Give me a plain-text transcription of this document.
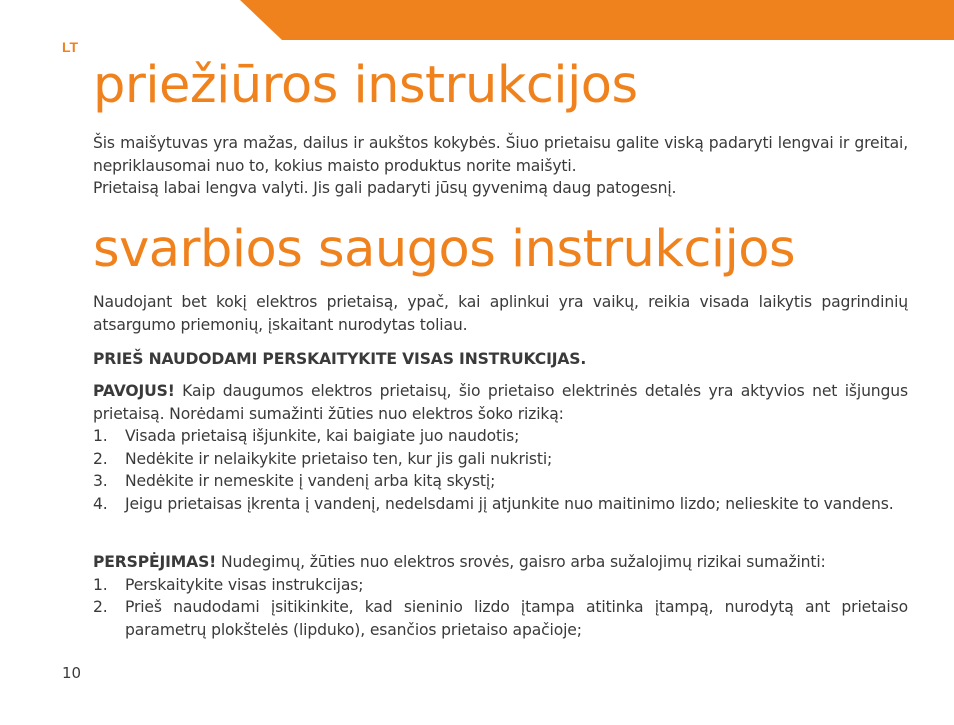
LT
priežiūros instrukcijos

Šis maišytuvas yra mažas, dailus ir aukštos kokybės. Šiuo prietaisu galite viską padaryti lengvai ir greitai, nepriklausomai nuo to, kokius maisto produktus norite maišyti.

Prietaisą labai lengva valyti. Jis gali padaryti jūsų gyvenimą daug patogesnį.

svarbios saugos instrukcijos

Naudojant bet kokį elektros prietaisą, ypač, kai aplinkui yra vaikų, reikia visada laikytis pagrindinių atsargumo priemonių, įskaitant nurodytas toliau.

PRIEŠ NAUDODAMI PERSKAITYKITE VISAS INSTRUKCIJAS.

PAVOJUS! Kaip daugumos elektros prietaisų, šio prietaiso elektrinės detalės yra aktyvios net išjungus prietaisą. Norėdami sumažinti žūties nuo elektros šoko riziką:

1. Visada prietaisą išjunkite, kai baigiate juo naudotis;
2. Nedėkite ir nelaikykite prietaiso ten, kur jis gali nukristi;
3. Nedėkite ir nemeskite į vandenį arba kitą skystį;
4. Jeigu prietaisas įkrenta į vandenį, nedelsdami jį atjunkite nuo maitinimo lizdo; nelieskite to vandens.

PERSPĖJIMAS! Nudegimų, žūties nuo elektros srovės, gaisro arba sužalojimų rizikai sumažinti:

1. Perskaitykite visas instrukcijas;
2. Prieš naudodami įsitikinkite, kad sieninio lizdo įtampa atitinka įtampą, nurodytą ant prietaiso parametrų plokštelės (lipduko), esančios prietaiso apačioje;
10
